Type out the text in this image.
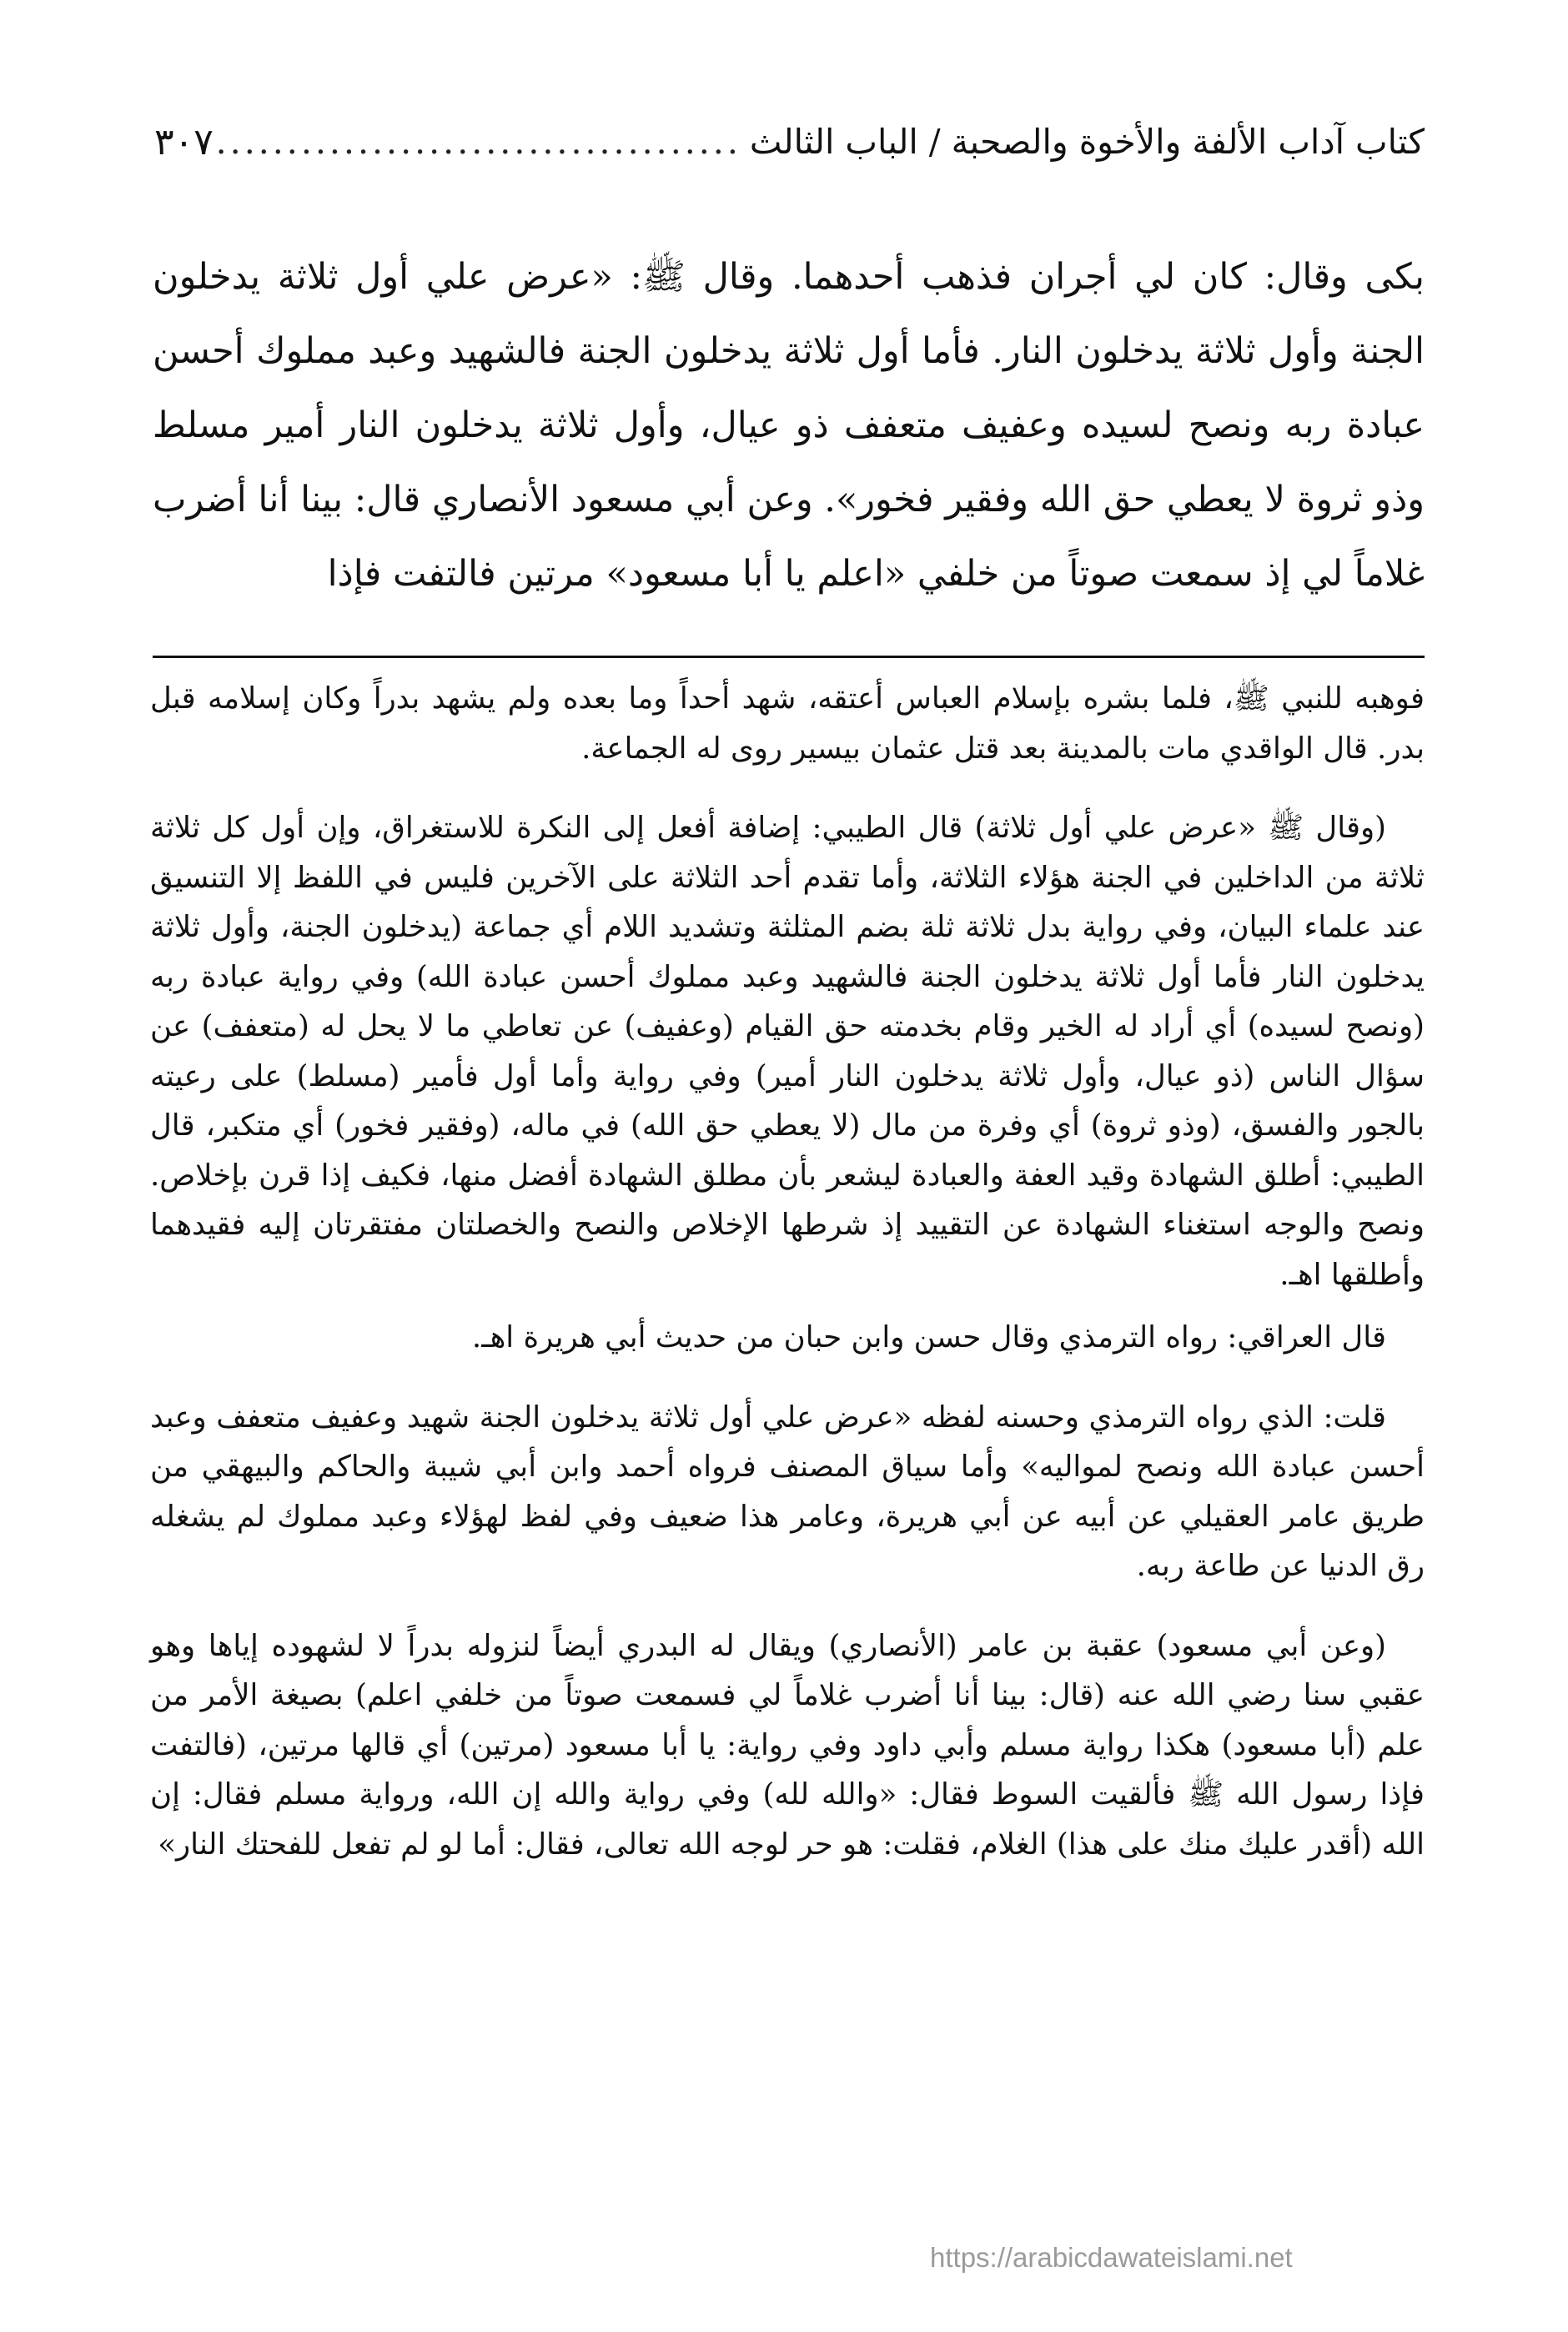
كتاب آداب الألفة والأخوة والصحبة / الباب الثالث
.....
٣٠٧
بكى وقال: كان لي أجران فذهب أحدهما. وقال ﷺ: «عرض علي أول ثلاثة يدخلون الجنة وأول ثلاثة يدخلون النار. فأما أول ثلاثة يدخلون الجنة فالشهيد وعبد مملوك أحسن عبادة ربه ونصح لسيده وعفيف متعفف ذو عيال، وأول ثلاثة يدخلون النار أمير مسلط وذو ثروة لا يعطي حق الله وفقير فخور». وعن أبي مسعود الأنصاري قال: بينا أنا أضرب غلاماً لي إذ سمعت صوتاً من خلفي «اعلم يا أبا مسعود» مرتين فالتفت فإذا

فوهبه للنبي ﷺ، فلما بشره بإسلام العباس أعتقه، شهد أحداً وما بعده ولم يشهد بدراً وكان إسلامه قبل بدر. قال الواقدي مات بالمدينة بعد قتل عثمان بيسير روى له الجماعة.

(وقال ﷺ «عرض علي أول ثلاثة) قال الطيبي: إضافة أفعل إلى النكرة للاستغراق، وإن أول كل ثلاثة ثلاثة من الداخلين في الجنة هؤلاء الثلاثة، وأما تقدم أحد الثلاثة على الآخرين فليس في اللفظ إلا التنسيق عند علماء البيان، وفي رواية بدل ثلاثة ثلة بضم المثلثة وتشديد اللام أي جماعة (يدخلون الجنة، وأول ثلاثة يدخلون النار فأما أول ثلاثة يدخلون الجنة فالشهيد وعبد مملوك أحسن عبادة الله) وفي رواية عبادة ربه (ونصح لسيده) أي أراد له الخير وقام بخدمته حق القيام (وعفيف) عن تعاطي ما لا يحل له (متعفف) عن سؤال الناس (ذو عيال، وأول ثلاثة يدخلون النار أمير) وفي رواية وأما أول فأمير (مسلط) على رعيته بالجور والفسق، (وذو ثروة) أي وفرة من مال (لا يعطي حق الله) في ماله، (وفقير فخور) أي متكبر، قال الطيبي: أطلق الشهادة وقيد العفة والعبادة ليشعر بأن مطلق الشهادة أفضل منها، فكيف إذا قرن بإخلاص. ونصح والوجه استغناء الشهادة عن التقييد إذ شرطها الإخلاص والنصح والخصلتان مفتقرتان إليه فقيدهما وأطلقها اهـ.

قال العراقي: رواه الترمذي وقال حسن وابن حبان من حديث أبي هريرة اهـ.

قلت: الذي رواه الترمذي وحسنه لفظه «عرض علي أول ثلاثة يدخلون الجنة شهيد وعفيف متعفف وعبد أحسن عبادة الله ونصح لمواليه» وأما سياق المصنف فرواه أحمد وابن أبي شيبة والحاكم والبيهقي من طريق عامر العقيلي عن أبيه عن أبي هريرة، وعامر هذا ضعيف وفي لفظ لهؤلاء وعبد مملوك لم يشغله رق الدنيا عن طاعة ربه.

(وعن أبي مسعود) عقبة بن عامر (الأنصاري) ويقال له البدري أيضاً لنزوله بدراً لا لشهوده إياها وهو عقبي سنا رضي الله عنه (قال: بينا أنا أضرب غلاماً لي فسمعت صوتاً من خلفي اعلم) بصيغة الأمر من علم (أبا مسعود) هكذا رواية مسلم وأبي داود وفي رواية: يا أبا مسعود (مرتين) أي قالها مرتين، (فالتفت فإذا رسول الله ﷺ فألقيت السوط فقال: «والله لله) وفي رواية والله إن الله، ورواية مسلم فقال: إن الله (أقدر عليك منك على هذا) الغلام، فقلت: هو حر لوجه الله تعالى، فقال: أما لو لم تفعل للفحتك النار»

https://arabicdawateislami.net
